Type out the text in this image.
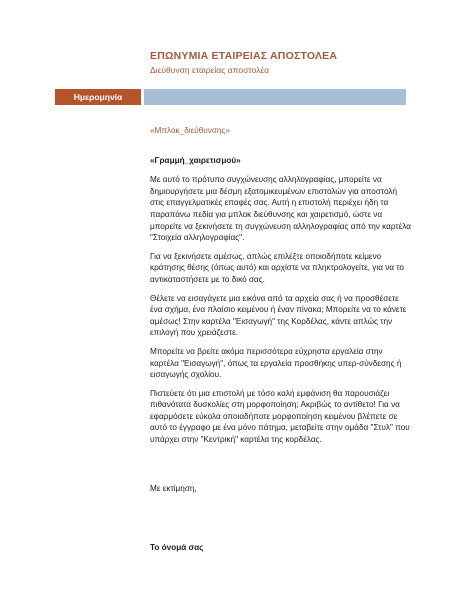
ΕΠΩΝΥΜΙΑ ΕΤΑΙΡΕΙΑΣ ΑΠΟΣΤΟΛΕΑ
Διεύθυνση εταιρείας αποστολέα
Ημερομηνία
«Μπλοκ_διεύθυνσης»
«Γραμμή_χαιρετισμού»

Με αυτό το πρότυπο συγχώνευσης αλληλογραφίας, μπορείτε να δημιουργήσετε μια δέσμη εξατομικευμένων επιστολών για αποστολή στις επαγγελματικές επαφές σας. Αυτή η επιστολή περιέχει ήδη τα παραπάνω πεδία για μπλοκ διεύθυνσης και χαιρετισμό, ώστε να μπορείτε να ξεκινήσετε τη συγχώνευση αλληλογραφίας από την καρτέλα "Στοιχεία αλληλογραφίας".

Για να ξεκινήσετε αμέσως, απλώς επιλέξτε οποιοδήποτε κείμενο κράτησης θέσης (όπως αυτό) και αρχίστε να πληκτρολογείτε, για να το αντικαταστήσετε με το δικό σας.

Θέλετε να εισαγάγετε μια εικόνα από τα αρχεία σας ή να προσθέσετε ένα σχήμα, ένα πλαίσιο κειμένου ή έναν πίνακα; Μπορείτε να το κάνετε αμέσως! Στην καρτέλα "Εισαγωγή" της Κορδέλας, κάντε απλώς την επιλογή που χρειάζεστε.

Μπορείτε να βρείτε ακόμα περισσότερα εύχρηστα εργαλεία στην καρτέλα "Εισαγωγή", όπως τα εργαλεία προσθήκης υπερ-σύνδεσης ή εισαγωγής σχολίου.

Πιστεύετε ότι μια επιστολή με τόσο καλή εμφάνιση θα παρουσιάζει πιθανότατα δυσκολίες στη μορφοποίηση; Ακριβώς το αντίθετο! Για να εφαρμόσετε εύκολα οποιαδήποτε μορφοποίηση κειμένου βλέπετε σε αυτό το έγγραφο με ένα μόνο πάτημα, μεταβείτε στην ομάδα "Στυλ" που υπάρχει στην "Κεντρική" καρτέλα της κορδέλας.

Με εκτίμηση,
Το όνομά σας
